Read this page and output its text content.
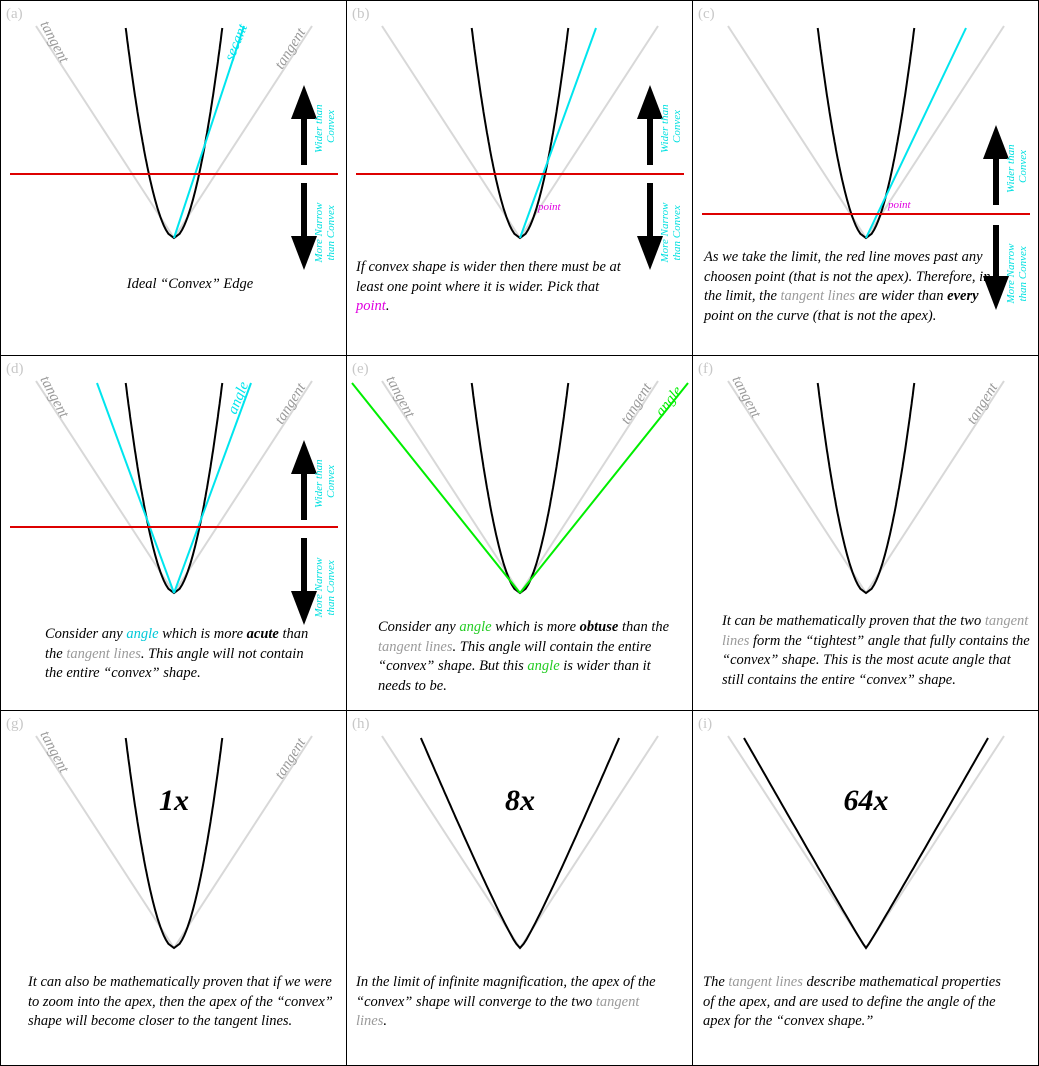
(a)
tangent	tangent
secant
Wider than Convex
More Narrow than Convex
(b)
point
Wider than Convex
More Narrow than Convex
(c)
point
Wider than Convex
More Narrow than Convex
(d)
tangent	tangent
angle
Wider than Convex
More Narrow than Convex
(e)
tangent	tangent
angle
(f)
tangent	tangent
(g)
tangent	tangent
1x
(h)
8x
(i)
64x

Ideal “Convex” Edge

If convex shape is wider then there must be at least one point where it is wider. Pick that point.

As we take the limit, the red line moves past any choosen point (that is not the apex). Therefore, in the limit, the tangent lines are wider than every point on the curve (that is not the apex).

Consider any angle which is more acute than the tangent lines. This angle will not contain the entire “convex” shape.

Consider any angle which is more obtuse than the tangent lines. This angle will contain the entire “convex” shape. But this angle is wider than it needs to be.

It can be mathematically proven that the two tangent lines form the “tightest” angle that fully contains the “convex” shape. This is the most acute angle that still contains the entire “convex” shape.

It can also be mathematically proven that if we were to zoom into the apex, then the apex of the “convex” shape will become closer to the tangent lines.

In the limit of infinite magnification, the apex of the “convex” shape will converge to the two tangent lines.

The tangent lines describe mathematical properties of the apex, and are used to define the angle of the apex for the “convex shape.”
